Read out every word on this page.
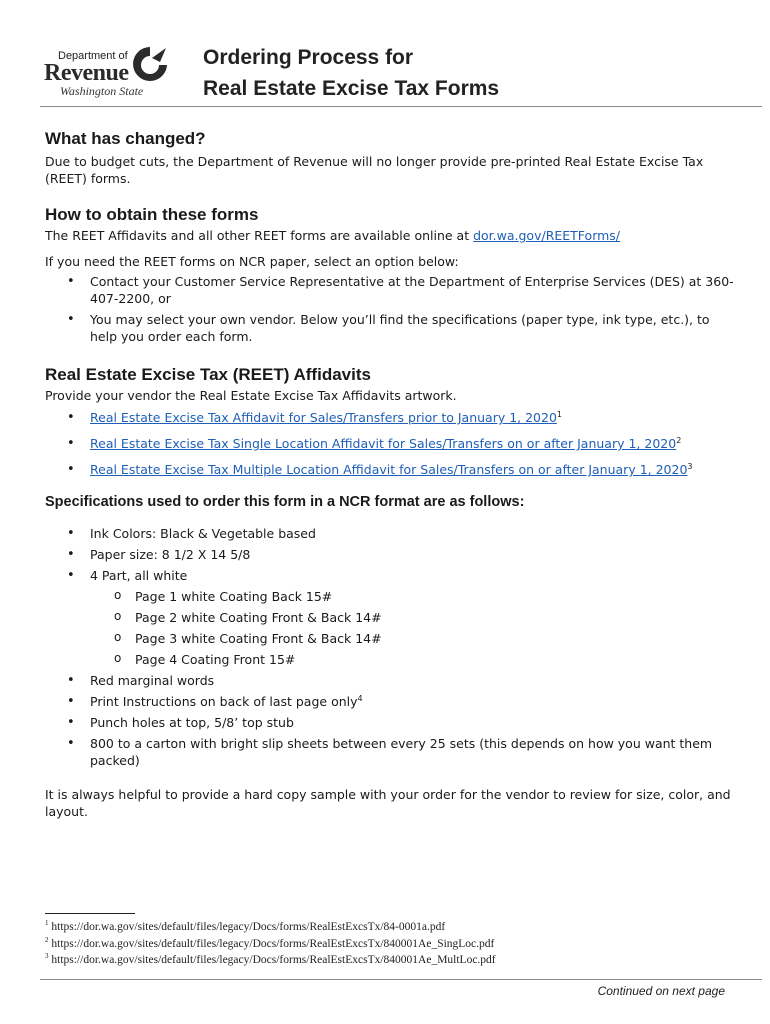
Department of
Revenue
Washington State
Ordering Process for
Real Estate Excise Tax Forms
What has changed?

Due to budget cuts, the Department of Revenue will no longer provide pre-printed Real Estate Excise Tax (REET) forms.

How to obtain these forms

The REET Affidavits and all other REET forms are available online at dor.wa.gov/REETForms/

If you need the REET forms on NCR paper, select an option below:

• Contact your Customer Service Representative at the Department of Enterprise Services (DES) at 360-407-2200, or
• You may select your own vendor. Below you’ll find the specifications (paper type, ink type, etc.), to help you order each form.
Real Estate Excise Tax (REET) Affidavits

Provide your vendor the Real Estate Excise Tax Affidavits artwork.

• Real Estate Excise Tax Affidavit for Sales/Transfers prior to January 1, 2020$^1$
• Real Estate Excise Tax Single Location Affidavit for Sales/Transfers on or after January 1, 2020$^2$
• Real Estate Excise Tax Multiple Location Affidavit for Sales/Transfers on or after January 1, 2020$^3$
Specifications used to order this form in a NCR format are as follows:
• Ink Colors: Black & Vegetable based
• Paper size: 8 1/2 X 14 5/8
• 4 Part, all white
o Page 1 white Coating Back 15#
o Page 2 white Coating Front & Back 14#
o Page 3 white Coating Front & Back 14#
o Page 4 Coating Front 15#
• Red marginal words
• Print Instructions on back of last page only$^4$
• Punch holes at top, 5/8’ top stub
• 800 to a carton with bright slip sheets between every 25 sets (this depends on how you want them packed)

It is always helpful to provide a hard copy sample with your order for the vendor to review for size, color, and layout.

$^1$ https://dor.wa.gov/sites/default/files/legacy/Docs/forms/RealEstExcsTx/84-0001a.pdf
$^2$ https://dor.wa.gov/sites/default/files/legacy/Docs/forms/RealEstExcsTx/840001Ae_SingLoc.pdf
$^3$ https://dor.wa.gov/sites/default/files/legacy/Docs/forms/RealEstExcsTx/840001Ae_MultLoc.pdf
Continued on next page
